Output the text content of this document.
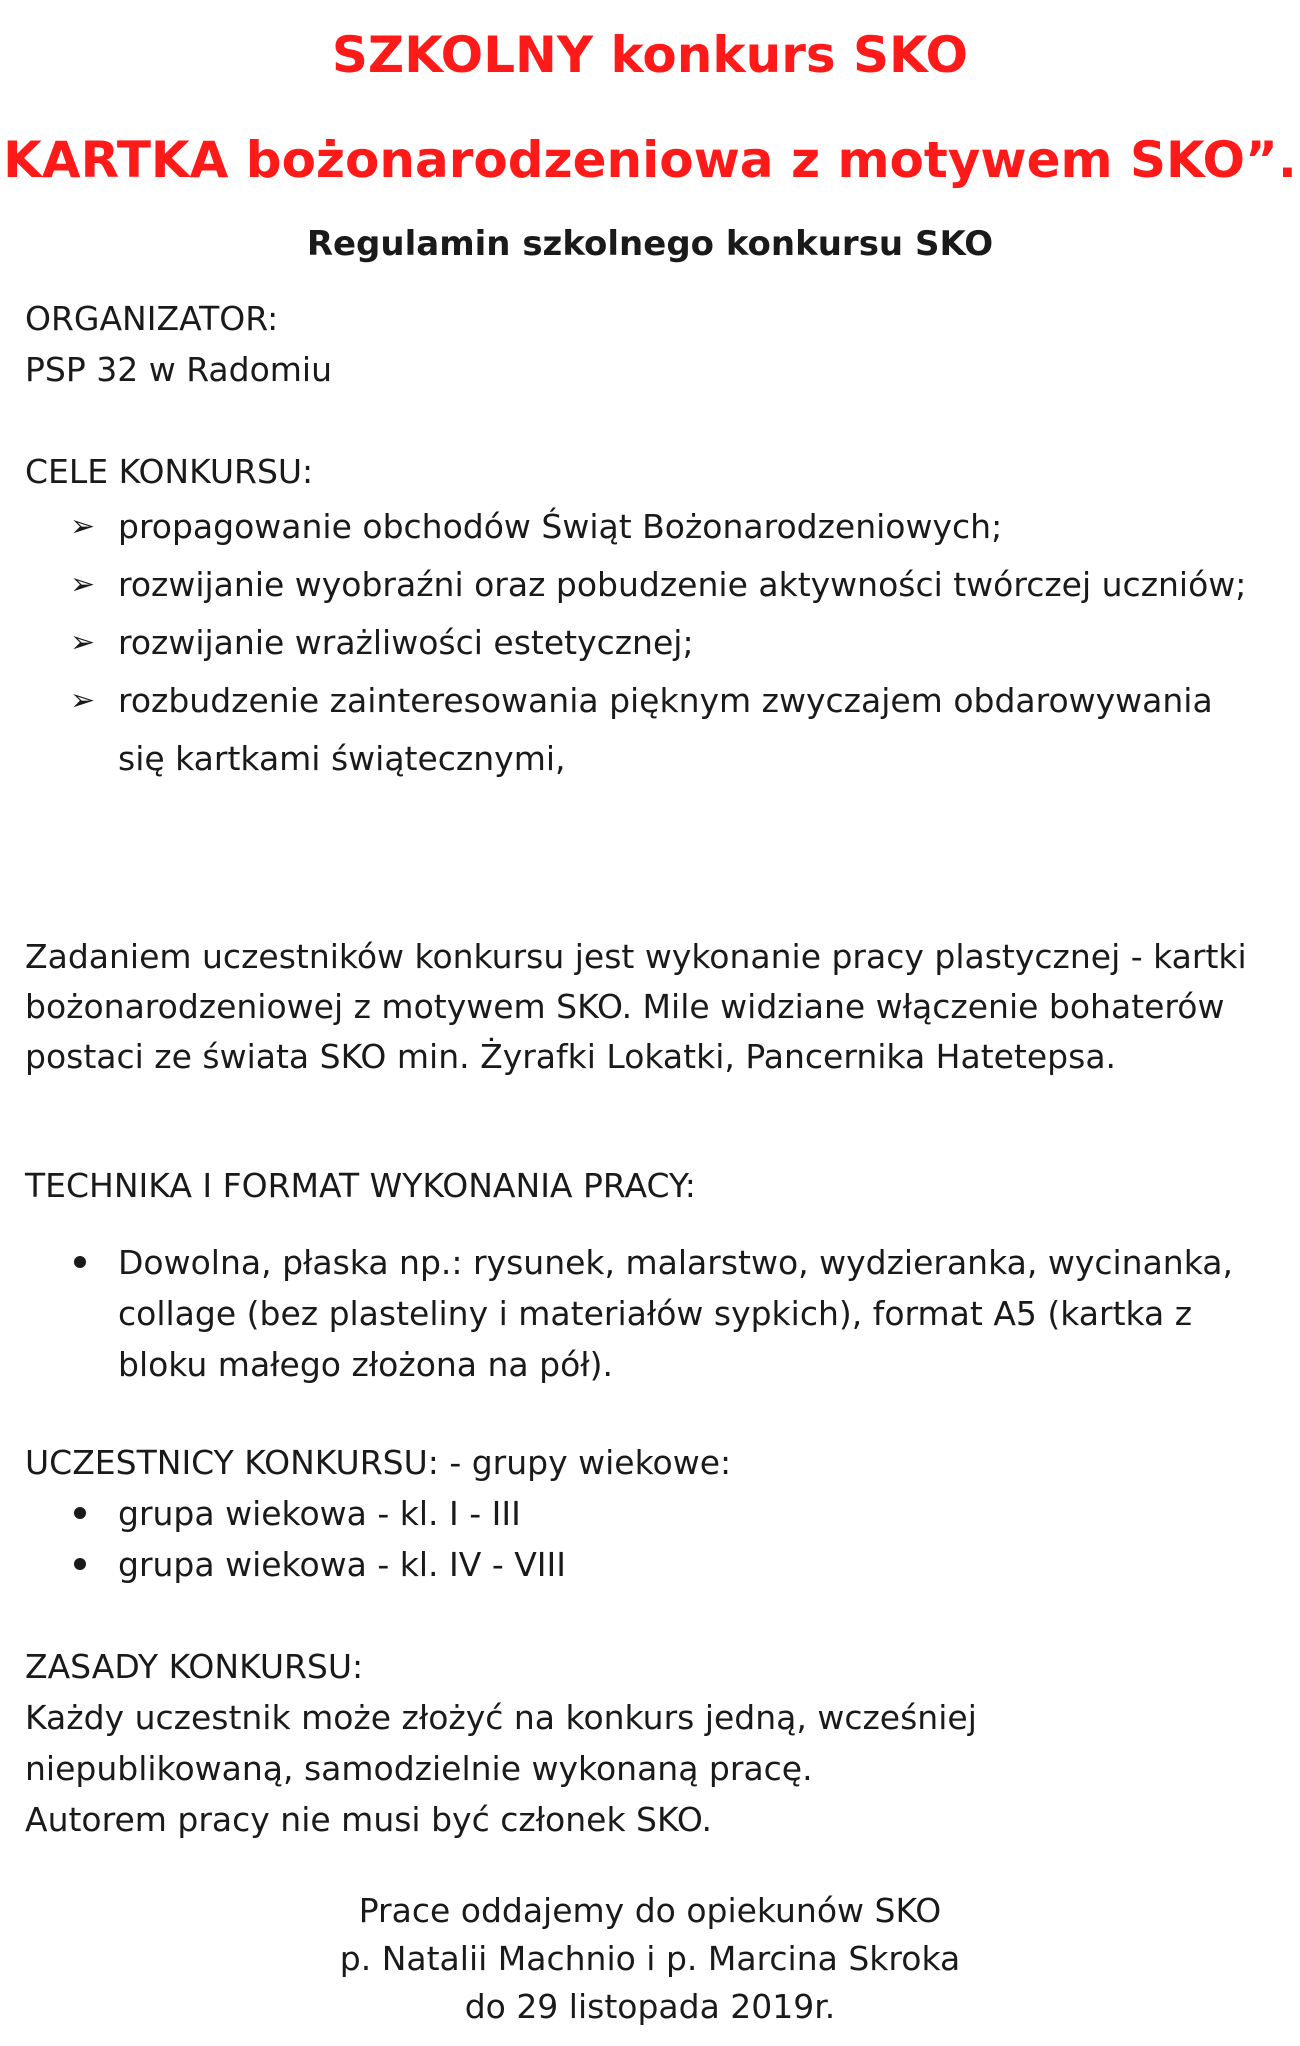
SZKOLNY konkurs SKO
KARTKA bożonarodzeniowa z motywem SKO”.
Regulamin szkolnego konkursu SKO

ORGANIZATOR:

PSP 32 w Radomiu

CELE KONKURSU:

➢ propagowanie obchodów Świąt Bożonarodzeniowych;
➢ rozwijanie wyobraźni oraz pobudzenie aktywności twórczej uczniów;
➢ rozwijanie wrażliwości estetycznej;
➢ rozbudzenie zainteresowania pięknym zwyczajem obdarowywania się kartkami świątecznymi,

Zadaniem uczestników konkursu jest wykonanie pracy plastycznej - kartki bożonarodzeniowej z motywem SKO. Mile widziane włączenie bohaterów postaci ze świata SKO min. Żyrafki Lokatki, Pancernika Hatetepsa.

TECHNIKA I FORMAT WYKONANIA PRACY:

Dowolna, płaska np.: rysunek, malarstwo, wydzieranka, wycinanka, collage (bez plasteliny i materiałów sypkich), format A5 (kartka z bloku małego złożona na pół).

UCZESTNICY KONKURSU: - grupy wiekowe:

grupa wiekowa - kl. I - III
grupa wiekowa - kl. IV - VIII

ZASADY KONKURSU:

Każdy uczestnik może złożyć na konkurs jedną, wcześniej

niepublikowaną, samodzielnie wykonaną pracę.

Autorem pracy nie musi być członek SKO.

Prace oddajemy do opiekunów SKO

p. Natalii Machnio i p. Marcina Skroka

do 29 listopada 2019r.
